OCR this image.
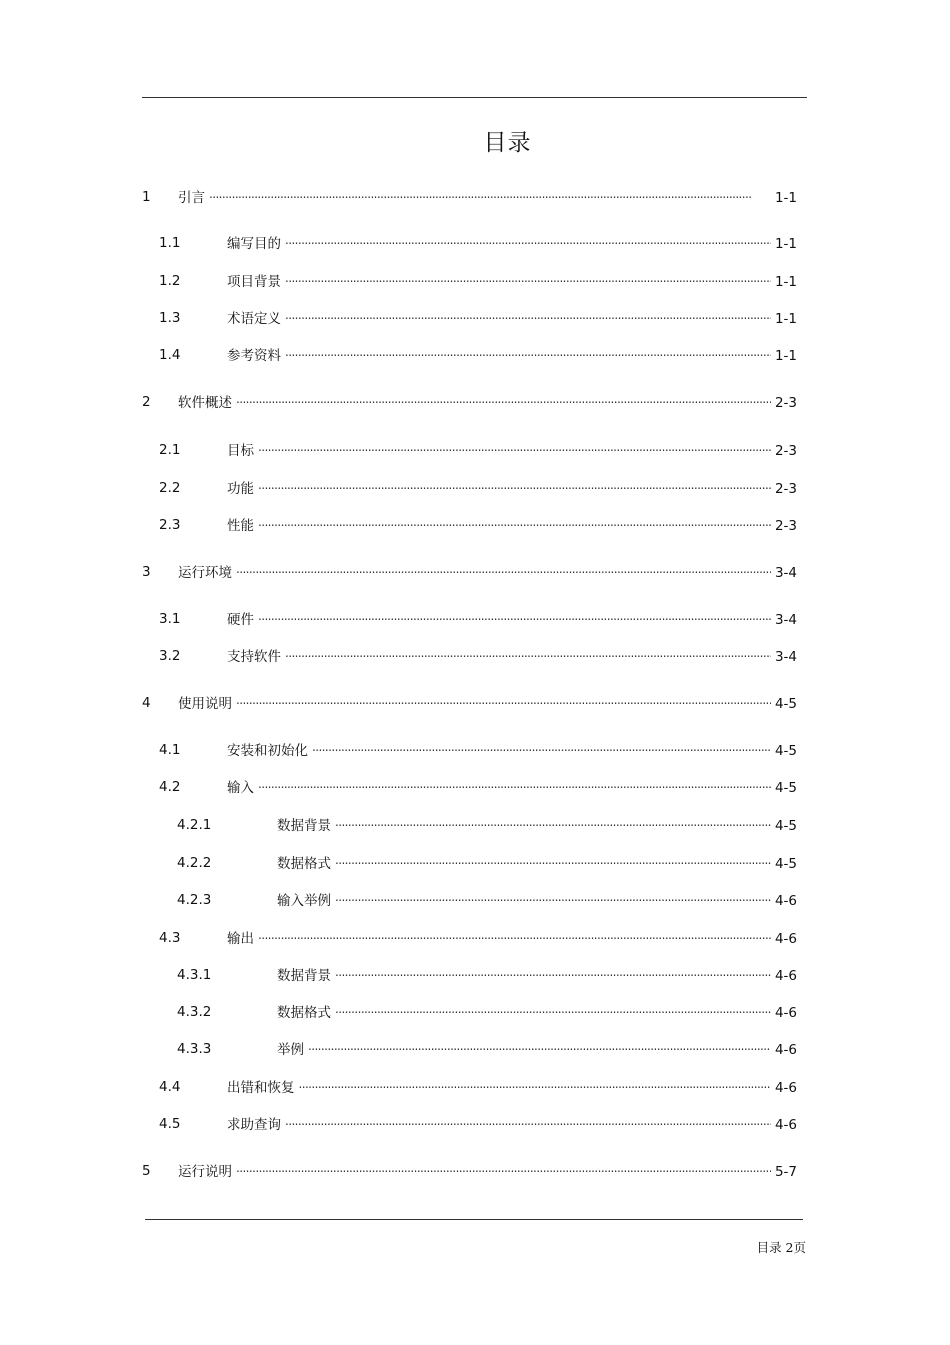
目录
1 引言 . . .	1-1
1.1	编写目的 . . .	1-1
1.2	项目背景 . . .	1-1
1.3	术语定义 . . .	1-1
1.4	参考资料 . . .	1-1
2 软件概述 . . .	2-3
2.1	目标 . . .	2-3
2.2	功能 . . .	2-3
2.3	性能 . . .	2-3
3 运行环境 . . .	3-4
3.1	硬件 . . .	3-4
3.2	支持软件 . . .	3-4
4 使用说明 . . .	4-5
4.1	安装和初始化 . . .	4-5
4.2	输入 . . .	4-5
4.2.1	数据背景 . . .	4-5
4.2.2	数据格式 . . .	4-5
4.2.3	输入举例 . . .	4-6
4.3	输出 . . .	4-6
4.3.1	数据背景 . . .	4-6
4.3.2	数据格式 . . .	4-6
4.3.3	举例 . . .	4-6
4.4	出错和恢复 . . .	4-6
4.5	求助查询 . . .	4-6
5 运行说明 . . .	5-7
目录 2页
